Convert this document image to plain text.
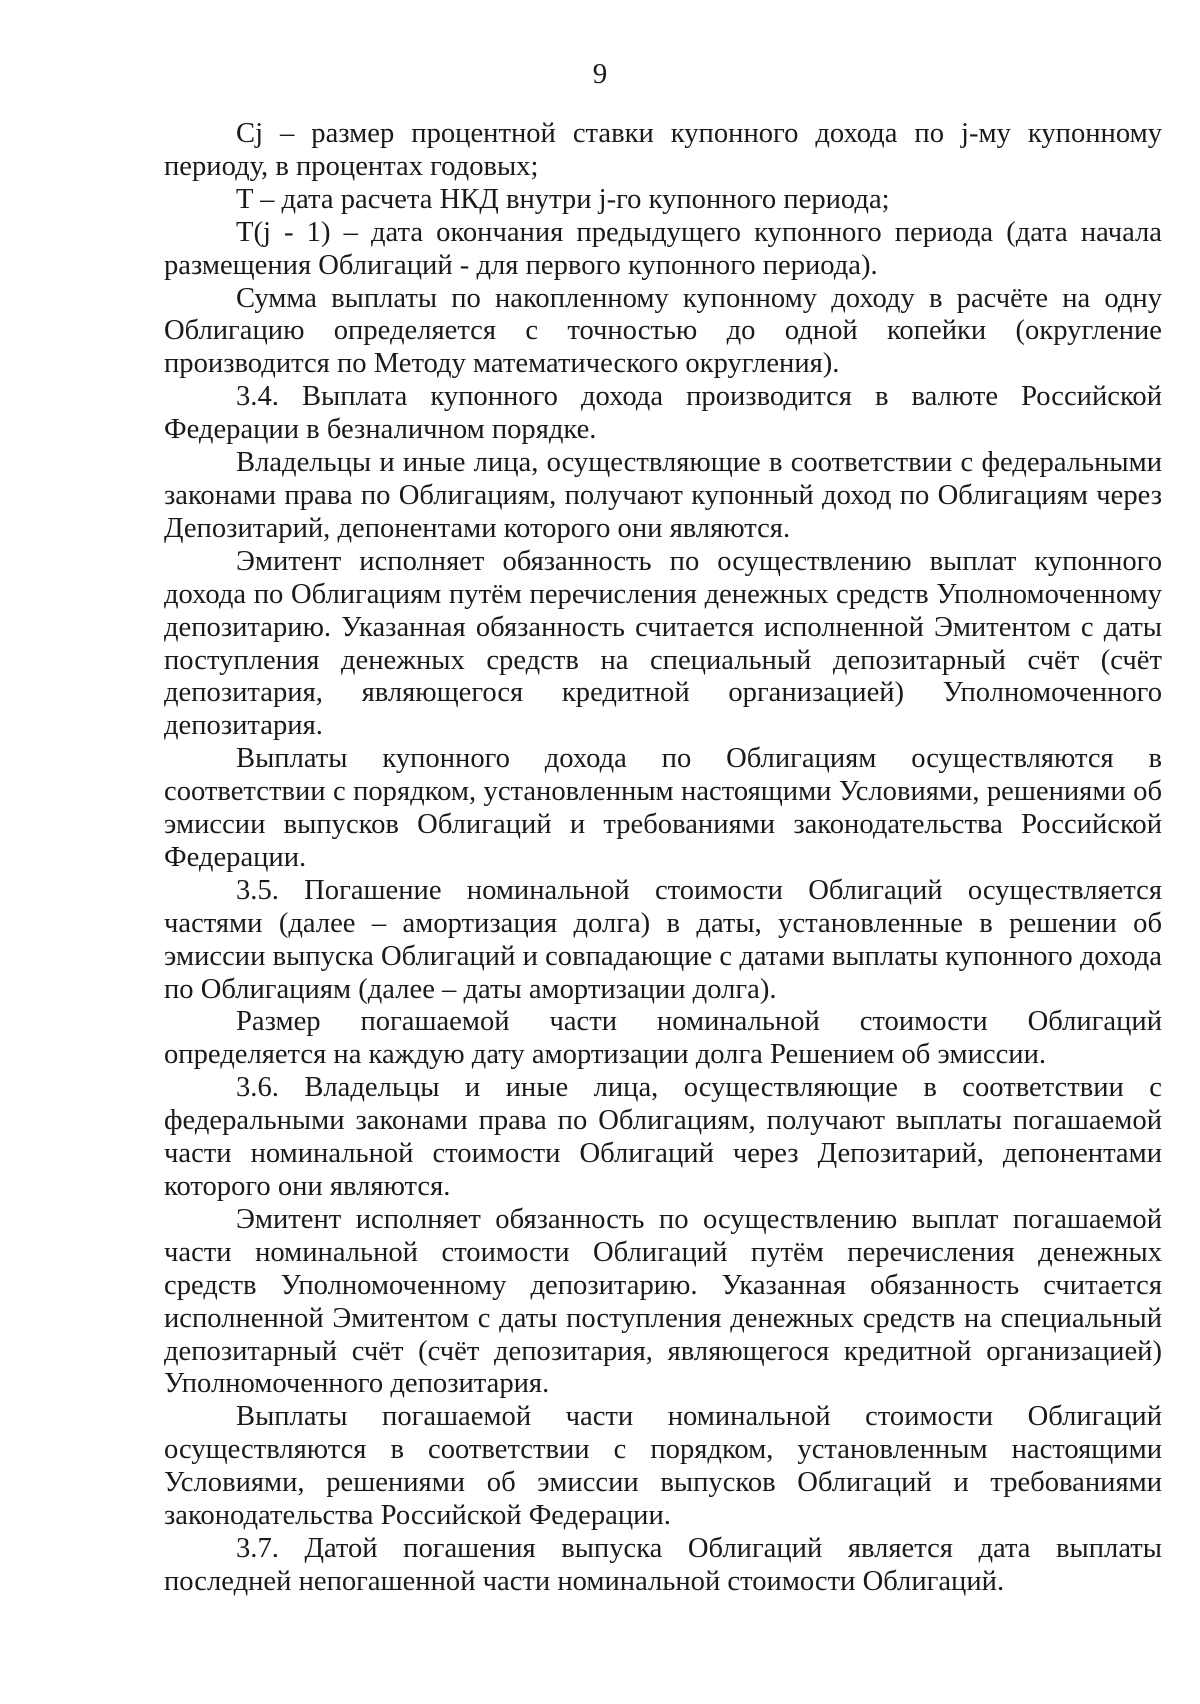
9

Cj – размер процентной ставки купонного дохода по j-му купонному периоду, в процентах годовых;

T – дата расчета НКД внутри j-го купонного периода;

T(j - 1) – дата окончания предыдущего купонного периода (дата начала размещения Облигаций - для первого купонного периода).

Сумма выплаты по накопленному купонному доходу в расчёте на одну Облигацию определяется с точностью до одной копейки (округление производится по Методу математического округления).

3.4. Выплата купонного дохода производится в валюте Российской Федерации в безналичном порядке.

Владельцы и иные лица, осуществляющие в соответствии с федеральными законами права по Облигациям, получают купонный доход по Облигациям через Депозитарий, депонентами которого они являются.

Эмитент исполняет обязанность по осуществлению выплат купонного дохода по Облигациям путём перечисления денежных средств Уполномоченному депозитарию. Указанная обязанность считается исполненной Эмитентом с даты поступления денежных средств на специальный депозитарный счёт (счёт депозитария, являющегося кредитной организацией) Уполномоченного депозитария.

Выплаты купонного дохода по Облигациям осуществляются в соответствии с порядком, установленным настоящими Условиями, решениями об эмиссии выпусков Облигаций и требованиями законодательства Российской Федерации.

3.5. Погашение номинальной стоимости Облигаций осуществляется частями (далее – амортизация долга) в даты, установленные в решении об эмиссии выпуска Облигаций и совпадающие с датами выплаты купонного дохода по Облигациям (далее – даты амортизации долга).

Размер погашаемой части номинальной стоимости Облигаций определяется на каждую дату амортизации долга Решением об эмиссии.

3.6. Владельцы и иные лица, осуществляющие в соответствии с федеральными законами права по Облигациям, получают выплаты погашаемой части номинальной стоимости Облигаций через Депозитарий, депонентами которого они являются.

Эмитент исполняет обязанность по осуществлению выплат погашаемой части номинальной стоимости Облигаций путём перечисления денежных средств Уполномоченному депозитарию. Указанная обязанность считается исполненной Эмитентом с даты поступления денежных средств на специальный депозитарный счёт (счёт депозитария, являющегося кредитной организацией) Уполномоченного депозитария.

Выплаты погашаемой части номинальной стоимости Облигаций осуществляются в соответствии с порядком, установленным настоящими Условиями, решениями об эмиссии выпусков Облигаций и требованиями законодательства Российской Федерации.

3.7. Датой погашения выпуска Облигаций является дата выплаты последней непогашенной части номинальной стоимости Облигаций.
